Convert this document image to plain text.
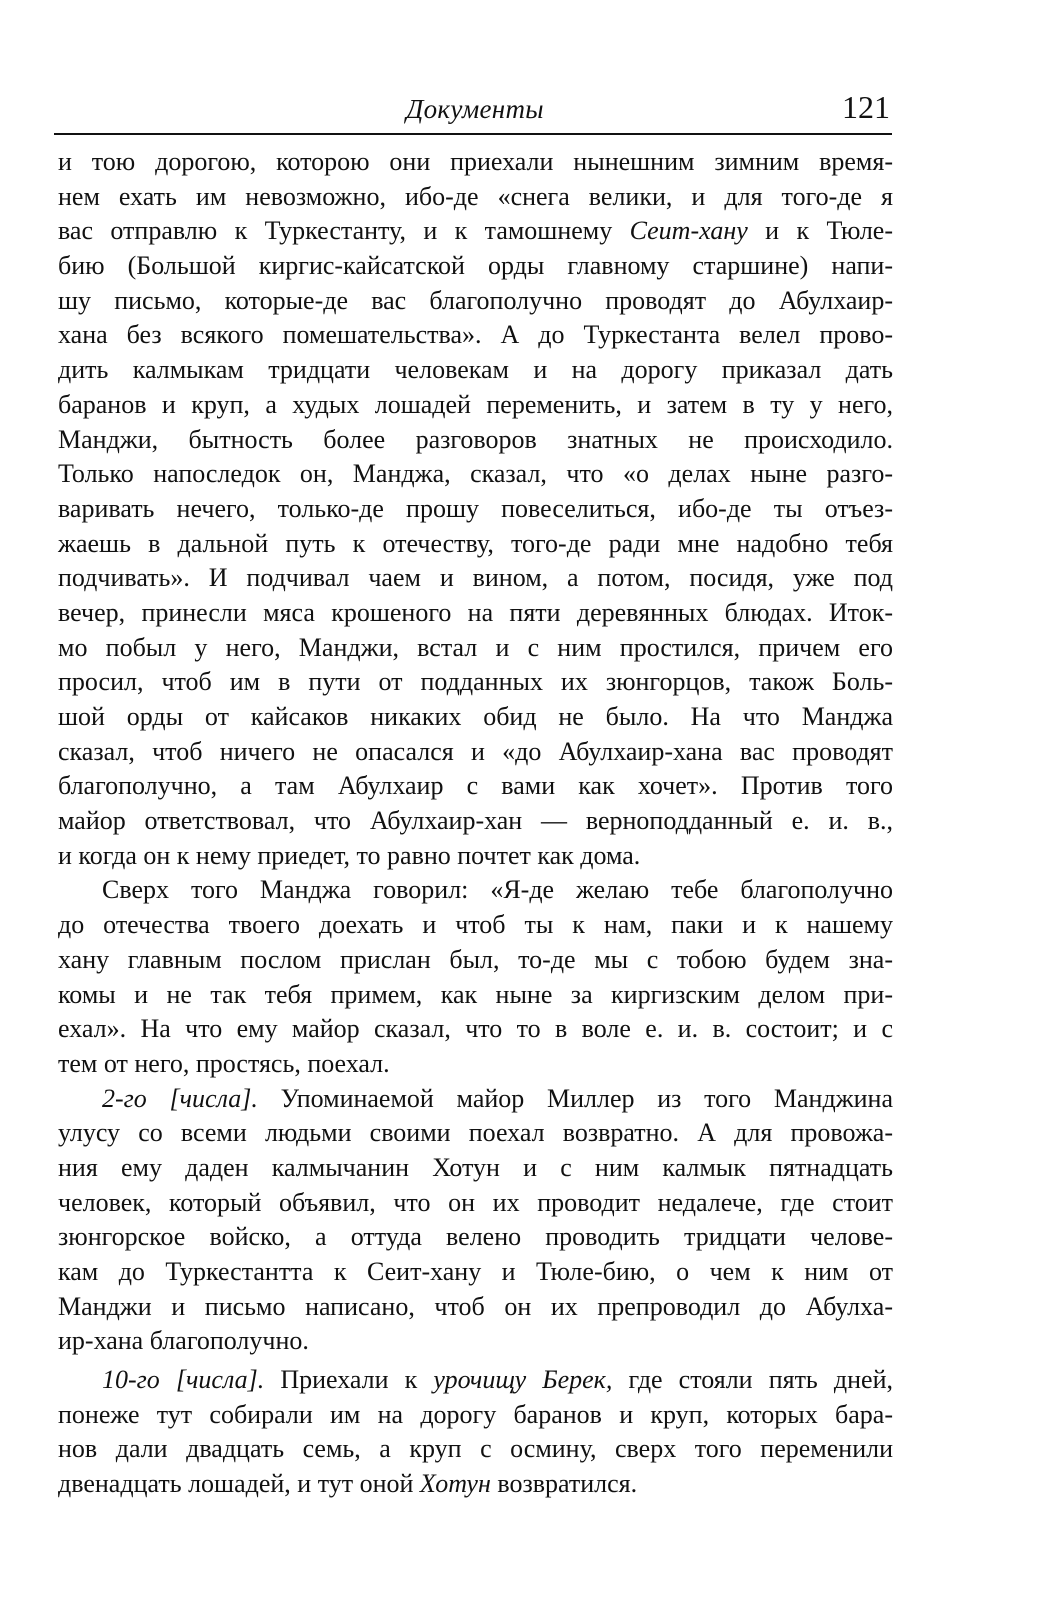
Документы	121
и тою дорогою, которою они приехали нынешним зимним время-
нем ехать им невозможно, ибо-де «снега велики, и для того-де я
вас отправлю к Туркестанту, и к тамошнему Сеит-хану и к Тюле-
бию (Большой киргис-кайсатской орды главному старшине) напи-
шу письмо, которые-де вас благополучно проводят до Абулхаир-
хана без всякого помешательства». А до Туркестанта велел прово-
дить калмыкам тридцати человекам и на дорогу приказал дать
баранов и круп, а худых лошадей переменить, и затем в ту у него,
Манджи, бытность более разговоров знатных не происходило.
Только напоследок он, Манджа, сказал, что «о делах ныне разго-
варивать нечего, только-де прошу повеселиться, ибо-де ты отъез-
жаешь в дальной путь к отечеству, того-де ради мне надобно тебя
подчивать». И подчивал чаем и вином, а потом, посидя, уже под
вечер, принесли мяса крошеного на пяти деревянных блюдах. Иток-
мо побыл у него, Манджи, встал и с ним простился, причем его
просил, чтоб им в пути от подданных их зюнгорцов, також Боль-
шой орды от кайсаков никаких обид не было. На что Манджа
сказал, чтоб ничего не опасался и «до Абулхаир-хана вас проводят
благополучно, а там Абулхаир с вами как хочет». Против того
майор ответствовал, что Абулхаир-хан — верноподданный е. и. в.,
и когда он к нему приедет, то равно почтет как дома.
Сверх того Манджа говорил: «Я-де желаю тебе благополучно
до отечества твоего доехать и чтоб ты к нам, паки и к нашему
хану главным послом прислан был, то-де мы с тобою будем зна-
комы и не так тебя примем, как ныне за киргизским делом при-
ехал». На что ему майор сказал, что то в воле е. и. в. состоит; и с
тем от него, простясь, поехал.
2-го [числа]. Упоминаемой майор Миллер из того Манджина
улусу со всеми людьми своими поехал возвратно. А для провожа-
ния ему даден калмычанин Хотун и с ним калмык пятнадцать
человек, который объявил, что он их проводит недалече, где стоит
зюнгорское войско, а оттуда велено проводить тридцати челове-
кам до Туркестантта к Сеит-хану и Тюле-бию, о чем к ним от
Манджи и письмо написано, чтоб он их препроводил до Абулха-
ир-хана благополучно.
10-го [числа]. Приехали к урочищу Берек, где стояли пять дней,
понеже тут собирали им на дорогу баранов и круп, которых бара-
нов дали двадцать семь, а круп с осмину, сверх того переменили
двенадцать лошадей, и тут оной Хотун возвратился.
